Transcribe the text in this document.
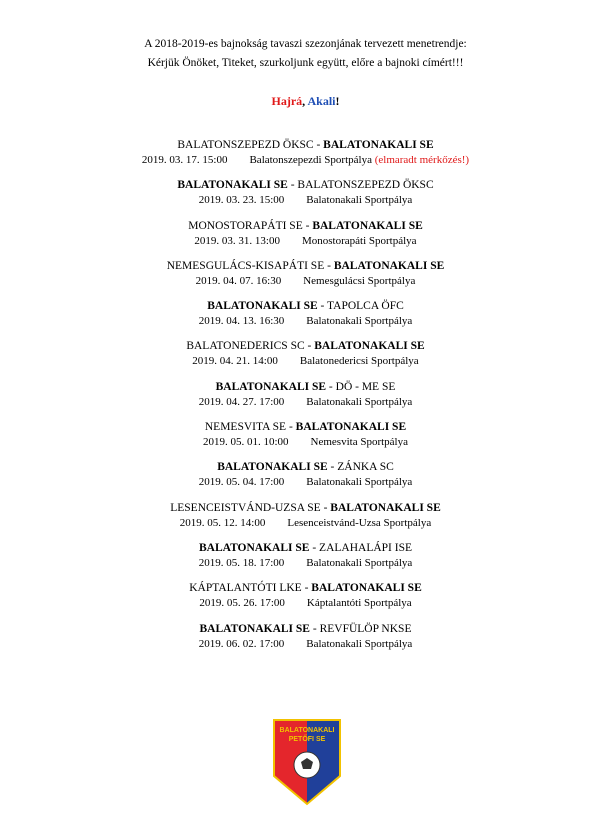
A 2018-2019-es bajnokság tavaszi szezonjának tervezett menetrendje:
Kérjük Önöket, Titeket, szurkoljunk együtt, előre a bajnoki címért!!!
Hajrá, Akali!
BALATONSZEPEZD ÖKSC - BALATONAKALI SE
2019. 03. 17. 15:00 Balatonszepezdi Sportpálya (elmaradt mérkőzés!)
BALATONAKALI SE - BALATONSZEPEZD ÖKSC
2019. 03. 23. 15:00 Balatonakali Sportpálya
MONOSTORAPÁTI SE - BALATONAKALI SE
2019. 03. 31. 13:00 Monostorapáti Sportpálya
NEMESGULÁCS-KISAPÁTI SE - BALATONAKALI SE
2019. 04. 07. 16:30 Nemesgulácsi Sportpálya
BALATONAKALI SE - TAPOLCA ÖFC
2019. 04. 13. 16:30 Balatonakali Sportpálya
BALATONEDERICS SC - BALATONAKALI SE
2019. 04. 21. 14:00 Balatonedericsi Sportpálya
BALATONAKALI SE - DÖ - ME SE
2019. 04. 27. 17:00 Balatonakali Sportpálya
NEMESVITA SE - BALATONAKALI SE
2019. 05. 01. 10:00 Nemesvita Sportpálya
BALATONAKALI SE - ZÁNKA SC
2019. 05. 04. 17:00 Balatonakali Sportpálya
LESENCEISTVÁND-UZSA SE - BALATONAKALI SE
2019. 05. 12. 14:00 Lesenceistvánd-Uzsa Sportpálya
BALATONAKALI SE - ZALAHALÁPI ISE
2019. 05. 18. 17:00 Balatonakali Sportpálya
KÁPTALANTÓTI LKE - BALATONAKALI SE
2019. 05. 26. 17:00 Káptalantóti Sportpálya
BALATONAKALI SE - REVFÜLÖP NKSE
2019. 06. 02. 17:00 Balatonakali Sportpálya
BALATONAKALI
PETŐFI SE
